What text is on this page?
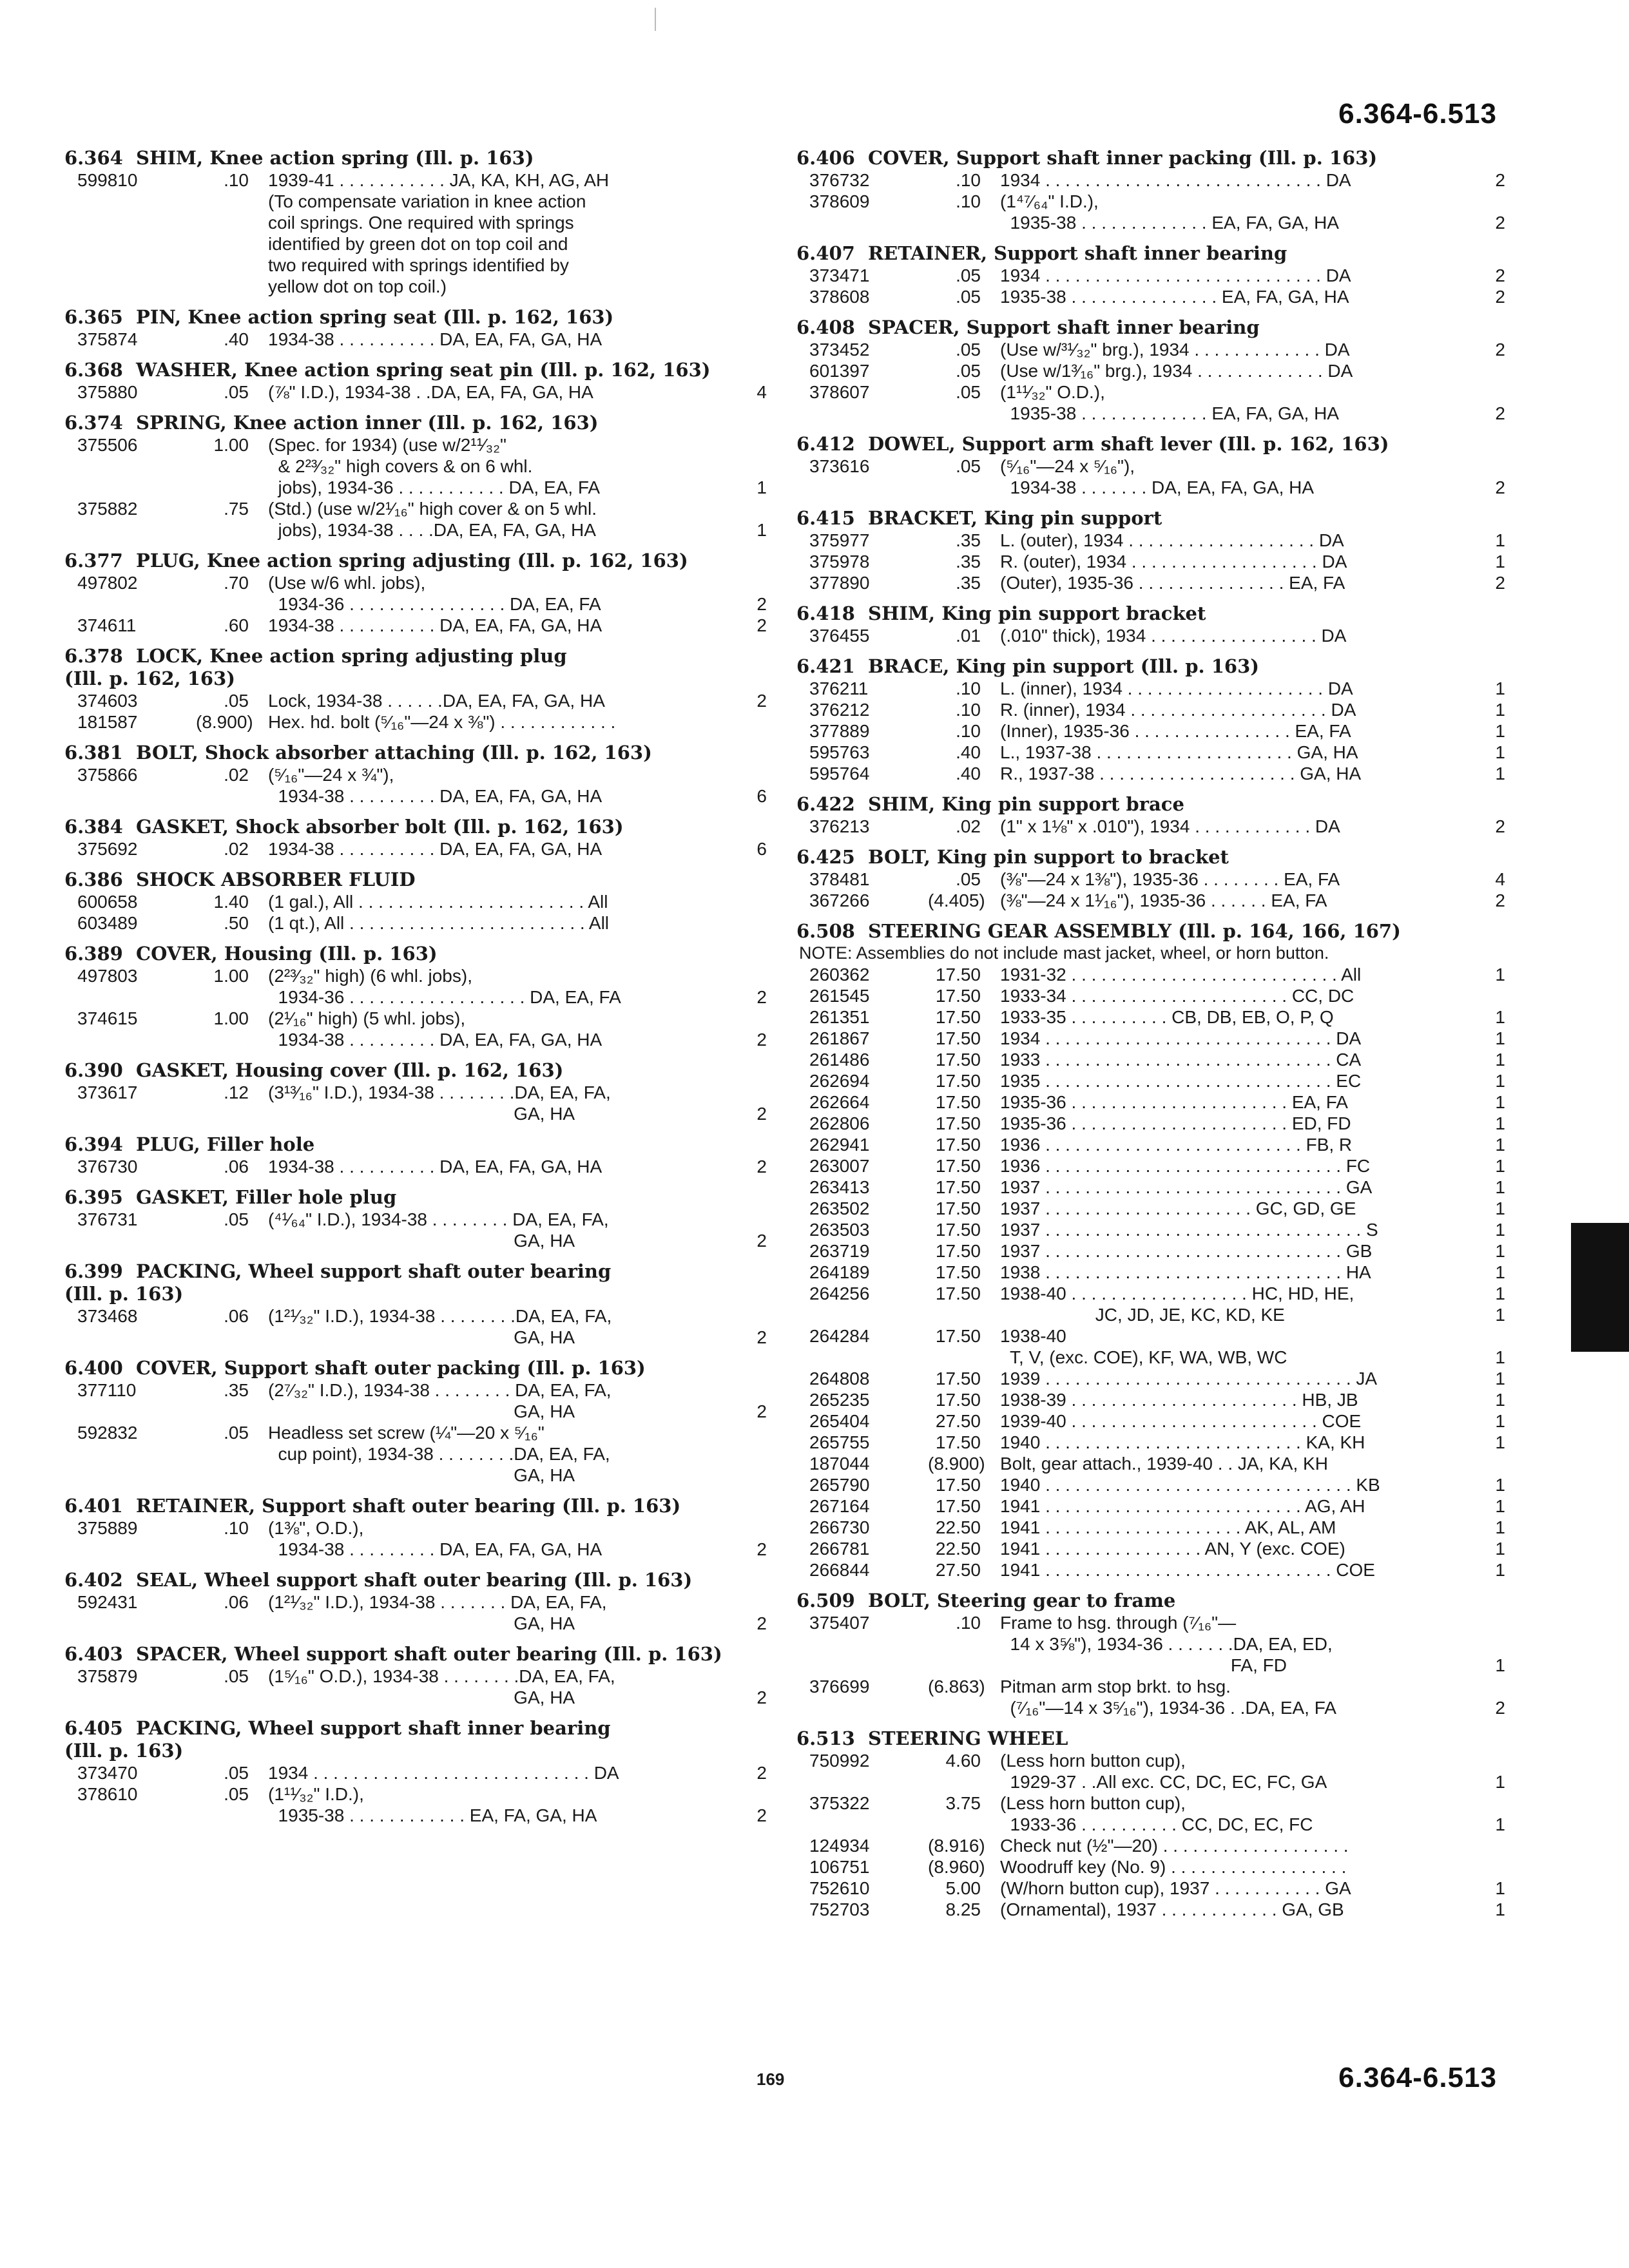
6.364-6.513
6.364  SHIM, Knee action spring (Ill. p. 163)
599810	.10	1939-41 . . . . . . . . . . . JA, KA, KH, AG, AH
(To compensate variation in knee action
coil springs. One required with springs
identified by green dot on top coil and
two required with springs identified by
yellow dot on top coil.)
6.365  PIN, Knee action spring seat (Ill. p. 162, 163)
375874	.40	1934-38 . . . . . . . . . . DA, EA, FA, GA, HA
6.368  WASHER, Knee action spring seat pin (Ill. p. 162, 163)
375880	.05	(⅞" I.D.), 1934-38 . .DA, EA, FA, GA, HA	4
6.374  SPRING, Knee action inner (Ill. p. 162, 163)
375506	1.00	(Spec. for 1934) (use w/2¹¹⁄₃₂"
& 2²³⁄₃₂" high covers & on 6 whl.
jobs), 1934-36 . . . . . . . . . . . DA, EA, FA	1
375882	.75	(Std.) (use w/2¹⁄₁₆" high cover & on 5 whl.
jobs), 1934-38 . . . .DA, EA, FA, GA, HA	1
6.377  PLUG, Knee action spring adjusting (Ill. p. 162, 163)
497802	.70	(Use w/6 whl. jobs),
1934-36 . . . . . . . . . . . . . . . . DA, EA, FA	2
374611	.60	1934-38 . . . . . . . . . . DA, EA, FA, GA, HA	2
6.378  LOCK, Knee action spring adjusting plug
(Ill. p. 162, 163)
374603	.05	Lock, 1934-38 . . . . . .DA, EA, FA, GA, HA	2
181587	(8.900) Hex. hd. bolt (⁵⁄₁₆"—24 x ⅜") . . . . . . . . . . . .
6.381  BOLT, Shock absorber attaching (Ill. p. 162, 163)
375866	.02	(⁵⁄₁₆"—24 x ¾"),
1934-38 . . . . . . . . . DA, EA, FA, GA, HA	6
6.384  GASKET, Shock absorber bolt (Ill. p. 162, 163)
375692	.02	1934-38 . . . . . . . . . . DA, EA, FA, GA, HA	6
6.386  SHOCK ABSORBER FLUID
600658	1.40	(1 gal.), All . . . . . . . . . . . . . . . . . . . . . . . All
603489	.50	(1 qt.), All . . . . . . . . . . . . . . . . . . . . . . . . All
6.389  COVER, Housing (Ill. p. 163)
497803	1.00	(2²³⁄₃₂" high) (6 whl. jobs),
1934-36 . . . . . . . . . . . . . . . . . . DA, EA, FA	2
374615	1.00	(2¹⁄₁₆" high) (5 whl. jobs),
1934-38 . . . . . . . . . DA, EA, FA, GA, HA	2
6.390  GASKET, Housing cover (Ill. p. 162, 163)
373617	.12	(3¹³⁄₁₆" I.D.), 1934-38 . . . . . . . .DA, EA, FA,
GA, HA	2
6.394  PLUG, Filler hole
376730	.06	1934-38 . . . . . . . . . . DA, EA, FA, GA, HA	2
6.395  GASKET, Filler hole plug
376731	.05	(⁴¹⁄₆₄" I.D.), 1934-38 . . . . . . . . DA, EA, FA,
GA, HA	2
6.399  PACKING, Wheel support shaft outer bearing
(Ill. p. 163)
373468	.06	(1²¹⁄₃₂" I.D.), 1934-38 . . . . . . . .DA, EA, FA,
GA, HA	2
6.400  COVER, Support shaft outer packing (Ill. p. 163)
377110	.35	(2⁷⁄₃₂" I.D.), 1934-38 . . . . . . . . DA, EA, FA,
GA, HA	2
592832	.05	Headless set screw (¼"—20 x ⁵⁄₁₆"
cup point), 1934-38 . . . . . . . .DA, EA, FA,
GA, HA
6.401  RETAINER, Support shaft outer bearing (Ill. p. 163)
375889	.10	(1⅜", O.D.),
1934-38 . . . . . . . . . DA, EA, FA, GA, HA	2
6.402  SEAL, Wheel support shaft outer bearing (Ill. p. 163)
592431	.06	(1²¹⁄₃₂" I.D.), 1934-38 . . . . . . . DA, EA, FA,
GA, HA	2
6.403  SPACER, Wheel support shaft outer bearing (Ill. p. 163)
375879	.05	(1⁵⁄₁₆" O.D.), 1934-38 . . . . . . . .DA, EA, FA,
GA, HA	2
6.405  PACKING, Wheel support shaft inner bearing
(Ill. p. 163)
373470	.05	1934 . . . . . . . . . . . . . . . . . . . . . . . . . . . . DA	2
378610	.05	(1¹¹⁄₃₂" I.D.),
1935-38 . . . . . . . . . . . . EA, FA, GA, HA	2
6.406  COVER, Support shaft inner packing (Ill. p. 163)
376732	.10	1934 . . . . . . . . . . . . . . . . . . . . . . . . . . . . DA	2
378609	.10	(1⁴⁷⁄₆₄" I.D.),
1935-38 . . . . . . . . . . . . . EA, FA, GA, HA	2
6.407  RETAINER, Support shaft inner bearing
373471	.05	1934 . . . . . . . . . . . . . . . . . . . . . . . . . . . . DA	2
378608	.05	1935-38 . . . . . . . . . . . . . . . EA, FA, GA, HA	2
6.408  SPACER, Support shaft inner bearing
373452	.05	(Use w/³¹⁄₃₂" brg.), 1934 . . . . . . . . . . . . . DA	2
601397	.05	(Use w/1³⁄₁₆" brg.), 1934 . . . . . . . . . . . . . DA
378607	.05	(1¹¹⁄₃₂" O.D.),
1935-38 . . . . . . . . . . . . . EA, FA, GA, HA	2
6.412  DOWEL, Support arm shaft lever (Ill. p. 162, 163)
373616	.05	(⁵⁄₁₆"—24 x ⁵⁄₁₆"),
1934-38 . . . . . . . DA, EA, FA, GA, HA	2
6.415  BRACKET, King pin support
375977	.35	L. (outer), 1934 . . . . . . . . . . . . . . . . . . . DA	1
375978	.35	R. (outer), 1934 . . . . . . . . . . . . . . . . . . . DA	1
377890	.35	(Outer), 1935-36 . . . . . . . . . . . . . . . EA, FA	2
6.418  SHIM, King pin support bracket
376455	.01	(.010" thick), 1934 . . . . . . . . . . . . . . . . . DA
6.421  BRACE, King pin support (Ill. p. 163)
376211	.10	L. (inner), 1934 . . . . . . . . . . . . . . . . . . . . DA	1
376212	.10	R. (inner), 1934 . . . . . . . . . . . . . . . . . . . . DA	1
377889	.10	(Inner), 1935-36 . . . . . . . . . . . . . . . . EA, FA	1
595763	.40	L., 1937-38 . . . . . . . . . . . . . . . . . . . . GA, HA	1
595764	.40	R., 1937-38 . . . . . . . . . . . . . . . . . . . . GA, HA	1
6.422  SHIM, King pin support brace
376213	.02	(1" x 1⅛" x .010"), 1934 . . . . . . . . . . . . DA	2
6.425  BOLT, King pin support to bracket
378481	.05	(⅜"—24 x 1⅜"), 1935-36 . . . . . . . . EA, FA	4
367266	(4.405) (⅜"—24 x 1¹⁄₁₆"), 1935-36 . . . . . . EA, FA	2
6.508  STEERING GEAR ASSEMBLY (Ill. p. 164, 166, 167)
NOTE: Assemblies do not include mast jacket, wheel, or horn button.
260362	17.50	1931-32 . . . . . . . . . . . . . . . . . . . . . . . . . . . All	1
261545	17.50	1933-34 . . . . . . . . . . . . . . . . . . . . . . CC, DC
261351	17.50	1933-35 . . . . . . . . . . CB, DB, EB, O, P, Q	1
261867	17.50	1934 . . . . . . . . . . . . . . . . . . . . . . . . . . . . . DA	1
261486	17.50	1933 . . . . . . . . . . . . . . . . . . . . . . . . . . . . . CA	1
262694	17.50	1935 . . . . . . . . . . . . . . . . . . . . . . . . . . . . . EC	1
262664	17.50	1935-36 . . . . . . . . . . . . . . . . . . . . . . EA, FA	1
262806	17.50	1935-36 . . . . . . . . . . . . . . . . . . . . . . ED, FD	1
262941	17.50	1936 . . . . . . . . . . . . . . . . . . . . . . . . . . FB, R	1
263007	17.50	1936 . . . . . . . . . . . . . . . . . . . . . . . . . . . . . . FC	1
263413	17.50	1937 . . . . . . . . . . . . . . . . . . . . . . . . . . . . . . GA	1
263502	17.50	1937 . . . . . . . . . . . . . . . . . . . . . GC, GD, GE	1
263503	17.50	1937 . . . . . . . . . . . . . . . . . . . . . . . . . . . . . . . . S	1
263719	17.50	1937 . . . . . . . . . . . . . . . . . . . . . . . . . . . . . . GB	1
264189	17.50	1938 . . . . . . . . . . . . . . . . . . . . . . . . . . . . . . HA	1
264256	17.50	1938-40 . . . . . . . . . . . . . . . . . . HC, HD, HE,	1
JC, JD, JE, KC, KD, KE	1
264284	17.50	1938-40
T, V, (exc. COE), KF, WA, WB, WC	1
264808	17.50	1939 . . . . . . . . . . . . . . . . . . . . . . . . . . . . . . . JA	1
265235	17.50	1938-39 . . . . . . . . . . . . . . . . . . . . . . . HB, JB	1
265404	27.50	1939-40 . . . . . . . . . . . . . . . . . . . . . . . . . COE	1
265755	17.50	1940 . . . . . . . . . . . . . . . . . . . . . . . . . . KA, KH	1
187044	(8.900) Bolt, gear attach., 1939-40 . . JA, KA, KH
265790	17.50	1940 . . . . . . . . . . . . . . . . . . . . . . . . . . . . . . . KB	1
267164	17.50	1941 . . . . . . . . . . . . . . . . . . . . . . . . . . AG, AH	1
266730	22.50	1941 . . . . . . . . . . . . . . . . . . . . AK, AL, AM	1
266781	22.50	1941 . . . . . . . . . . . . . . . . AN, Y (exc. COE)	1
266844	27.50	1941 . . . . . . . . . . . . . . . . . . . . . . . . . . . . . COE	1
6.509  BOLT, Steering gear to frame
375407	.10	Frame to hsg. through (⁷⁄₁₆"—
14 x 3⅝"), 1934-36 . . . . . . .DA, EA, ED,
FA, FD	1
376699	(6.863) Pitman arm stop brkt. to hsg.
(⁷⁄₁₆"—14 x 3⁵⁄₁₆"), 1934-36 . .DA, EA, FA	2
6.513  STEERING WHEEL
750992	4.60	(Less horn button cup),
1929-37 . .All exc. CC, DC, EC, FC, GA	1
375322	3.75	(Less horn button cup),
1933-36 . . . . . . . . . . CC, DC, EC, FC	1
124934	(8.916) Check nut (½"—20) . . . . . . . . . . . . . . . . . . .
106751	(8.960) Woodruff key (No. 9) . . . . . . . . . . . . . . . . . .
752610	5.00	(W/horn button cup), 1937 . . . . . . . . . . . GA	1
752703	8.25	(Ornamental), 1937 . . . . . . . . . . . . GA, GB	1
169	6.364-6.513
